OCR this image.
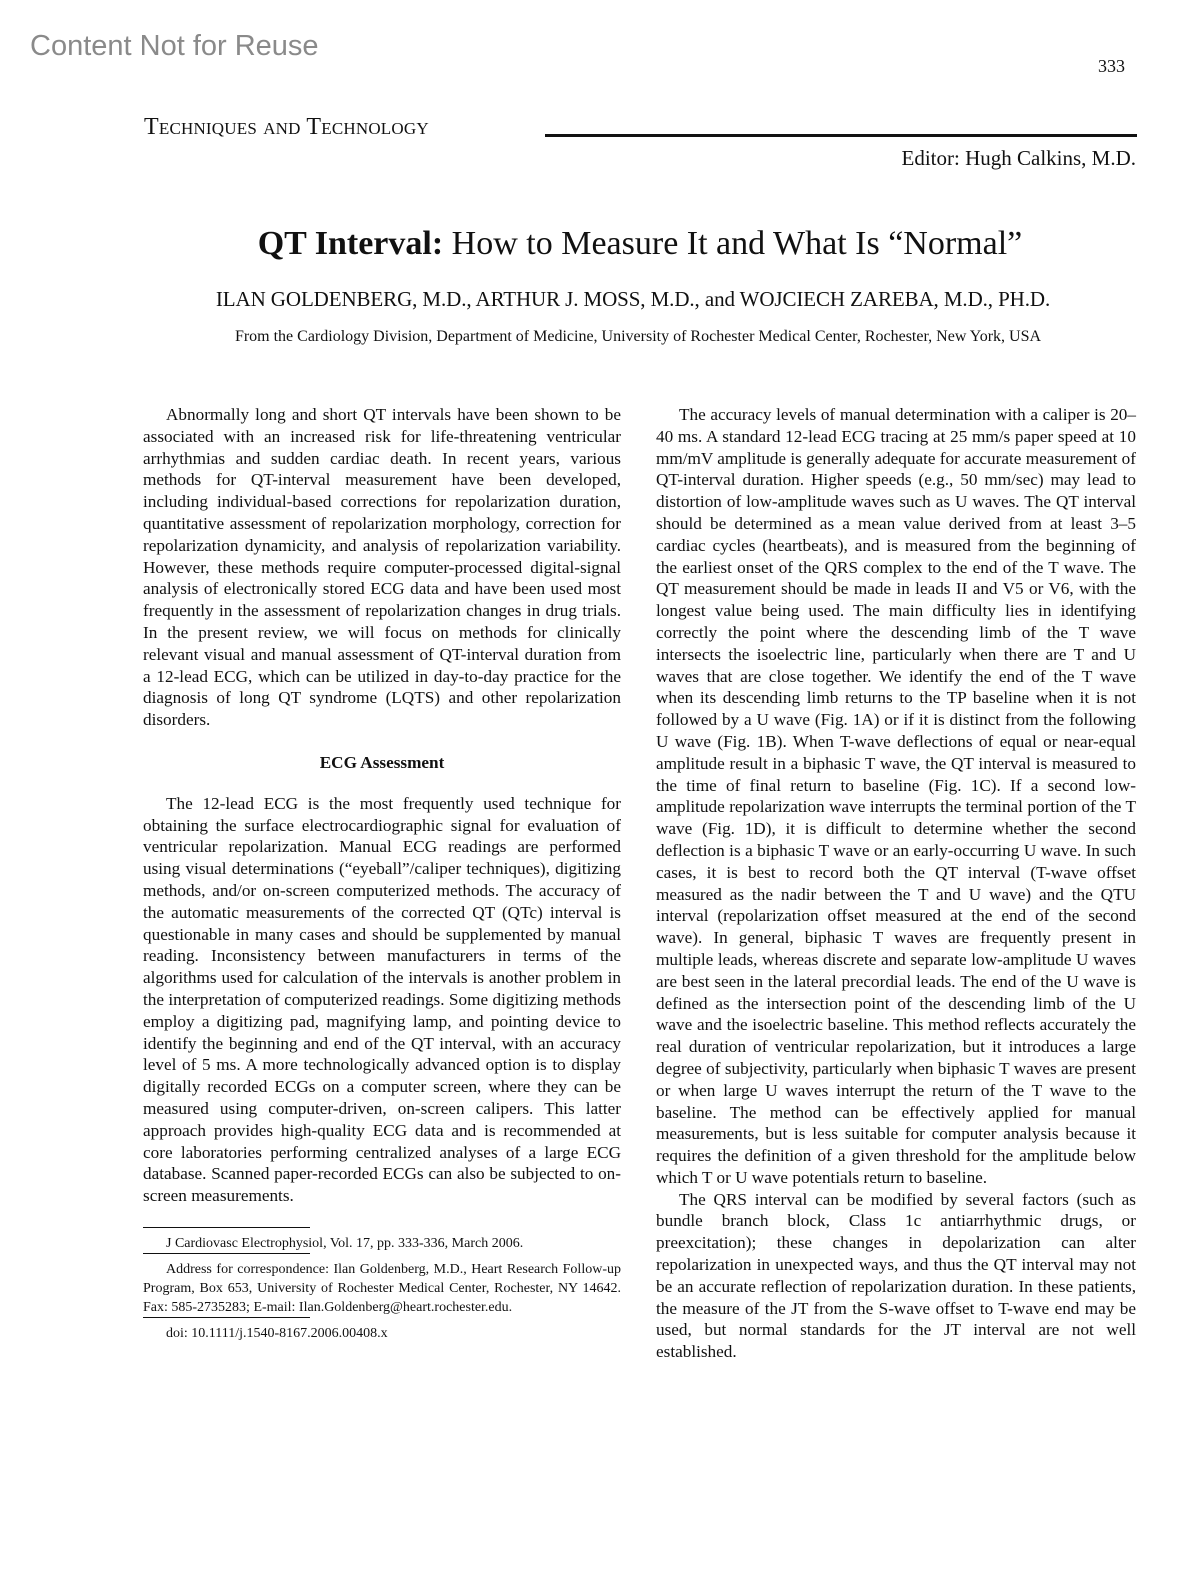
Content Not for Reuse
333
Techniques and Technology
Editor: Hugh Calkins, M.D.
QT Interval: How to Measure It and What Is “Normal”
ILAN GOLDENBERG, M.D., ARTHUR J. MOSS, M.D., and WOJCIECH ZAREBA, M.D., PH.D.
From the Cardiology Division, Department of Medicine, University of Rochester Medical Center, Rochester, New York, USA

Abnormally long and short QT intervals have been shown to be associated with an increased risk for life-threatening ventricular arrhythmias and sudden cardiac death. In recent years, various methods for QT-interval measurement have been developed, including individual-based corrections for repolarization duration, quantitative assessment of repolarization morphology, correction for repolarization dynamicity, and analysis of repolarization variability. However, these methods require computer-processed digital-signal analysis of electronically stored ECG data and have been used most frequently in the assessment of repolarization changes in drug trials. In the present review, we will focus on methods for clinically relevant visual and manual assessment of QT-interval duration from a 12-lead ECG, which can be utilized in day-to-day practice for the diagnosis of long QT syndrome (LQTS) and other repolarization disorders.

ECG Assessment

The 12-lead ECG is the most frequently used technique for obtaining the surface electrocardiographic signal for evaluation of ventricular repolarization. Manual ECG readings are performed using visual determinations (“eyeball”/caliper techniques), digitizing methods, and/or on-screen computerized methods. The accuracy of the automatic measurements of the corrected QT (QTc) interval is questionable in many cases and should be supplemented by manual reading. Inconsistency between manufacturers in terms of the algorithms used for calculation of the intervals is another problem in the interpretation of computerized readings. Some digitizing methods employ a digitizing pad, magnifying lamp, and pointing device to identify the beginning and end of the QT interval, with an accuracy level of 5 ms. A more technologically advanced option is to display digitally recorded ECGs on a computer screen, where they can be measured using computer-driven, on-screen calipers. This latter approach provides high-quality ECG data and is recommended at core laboratories performing centralized analyses of a large ECG database. Scanned paper-recorded ECGs can also be subjected to on-screen measurements.

J Cardiovasc Electrophysiol, Vol. 17, pp. 333-336, March 2006.

Address for correspondence: Ilan Goldenberg, M.D., Heart Research Follow-up Program, Box 653, University of Rochester Medical Center, Rochester, NY 14642. Fax: 585-2735283; E-mail: Ilan.Goldenberg@heart.rochester.edu.

doi: 10.1111/j.1540-8167.2006.00408.x

The accuracy levels of manual determination with a caliper is 20–40 ms. A standard 12-lead ECG tracing at 25 mm/s paper speed at 10 mm/mV amplitude is generally adequate for accurate measurement of QT-interval duration. Higher speeds (e.g., 50 mm/sec) may lead to distortion of low-amplitude waves such as U waves. The QT interval should be determined as a mean value derived from at least 3–5 cardiac cycles (heartbeats), and is measured from the beginning of the earliest onset of the QRS complex to the end of the T wave. The QT measurement should be made in leads II and V5 or V6, with the longest value being used. The main difficulty lies in identifying correctly the point where the descending limb of the T wave intersects the isoelectric line, particularly when there are T and U waves that are close together. We identify the end of the T wave when its descending limb returns to the TP baseline when it is not followed by a U wave (Fig. 1A) or if it is distinct from the following U wave (Fig. 1B). When T-wave deflections of equal or near-equal amplitude result in a biphasic T wave, the QT interval is measured to the time of final return to baseline (Fig. 1C). If a second low-amplitude repolarization wave interrupts the terminal portion of the T wave (Fig. 1D), it is difficult to determine whether the second deflection is a biphasic T wave or an early-occurring U wave. In such cases, it is best to record both the QT interval (T-wave offset measured as the nadir between the T and U wave) and the QTU interval (repolarization offset measured at the end of the second wave). In general, biphasic T waves are frequently present in multiple leads, whereas discrete and separate low-amplitude U waves are best seen in the lateral precordial leads. The end of the U wave is defined as the intersection point of the descending limb of the U wave and the isoelectric baseline. This method reflects accurately the real duration of ventricular repolarization, but it introduces a large degree of subjectivity, particularly when biphasic T waves are present or when large U waves interrupt the return of the T wave to the baseline. The method can be effectively applied for manual measurements, but is less suitable for computer analysis because it requires the definition of a given threshold for the amplitude below which T or U wave potentials return to baseline.

The QRS interval can be modified by several factors (such as bundle branch block, Class 1c antiarrhythmic drugs, or preexcitation); these changes in depolarization can alter repolarization in unexpected ways, and thus the QT interval may not be an accurate reflection of repolarization duration. In these patients, the measure of the JT from the S-wave offset to T-wave end may be used, but normal standards for the JT interval are not well established.
